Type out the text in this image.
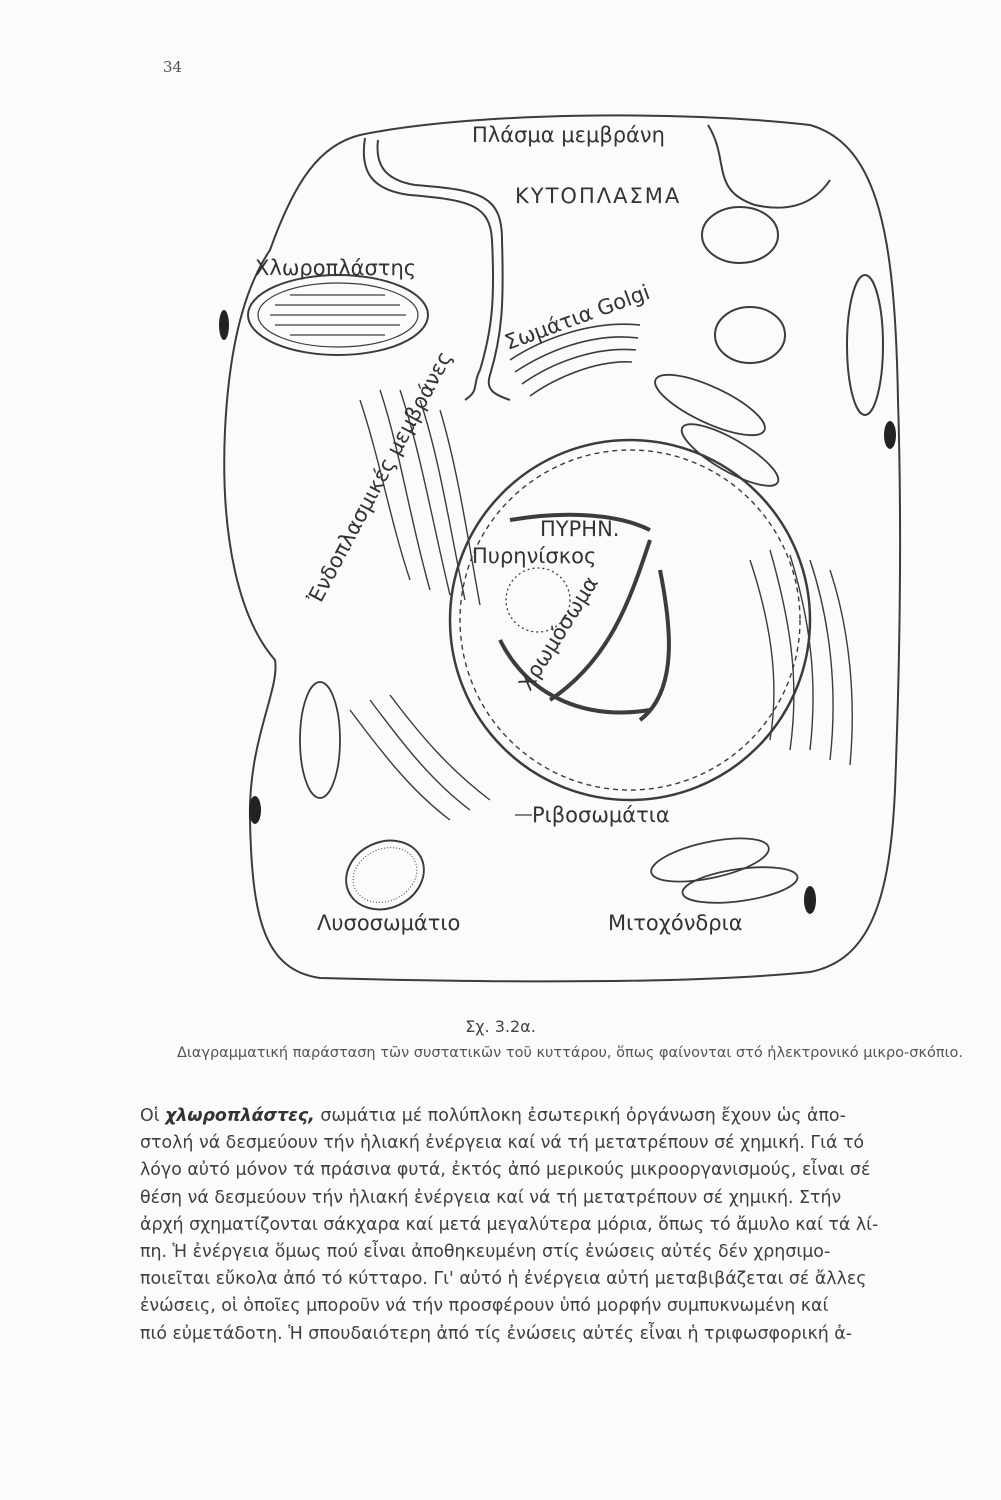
34
Πλάσμα μεμβράνη
ΚΥΤΟΠΛΑΣΜΑ
Χλωροπλάστης
Σωμάτια Golgi
Ἐνδοπλασμικές μεμβράνες	ΠΥΡΗΝ.
Πυρηνίσκος
Χρωμόσωμα
Ριβοσωμάτια
Λυσοσωμάτιο	Μιτοχόνδρια
Σχ. 3.2α.
Διαγραμματική παράσταση τῶν συστατικῶν τοῦ κυττάρου, ὅπως φαίνονται στό ἠλεκτρονικό μικρο-σκόπιο.
Οἱ χλωροπλάστες, σωμάτια μέ πολύπλοκη ἐσωτερική ὀργάνωση ἔχουν ὡς ἀπο-
στολή νά δεσμεύουν τήν ἡλιακή ἐνέργεια καί νά τή μετατρέπουν σέ χημική. Γιά τό
λόγο αὐτό μόνον τά πράσινα φυτά, ἐκτός ἀπό μερικούς μικροοργανισμούς, εἶναι σέ
θέση νά δεσμεύουν τήν ἡλιακή ἐνέργεια καί νά τή μετατρέπουν σέ χημική. Στήν
ἀρχή σχηματίζονται σάκχαρα καί μετά μεγαλύτερα μόρια, ὅπως τό ἄμυλο καί τά λί-
πη. Ἡ ἐνέργεια ὅμως πού εἶναι ἀποθηκευμένη στίς ἐνώσεις αὐτές δέν χρησιμο-
ποιεῖται εὔκολα ἀπό τό κύτταρο. Γι' αὐτό ἡ ἐνέργεια αὐτή μεταβιβάζεται σέ ἄλλες
ἐνώσεις, οἱ ὁποῖες μποροῦν νά τήν προσφέρουν ὑπό μορφήν συμπυκνωμένη καί
πιό εὐμετάδοτη. Ἡ σπουδαιότερη ἀπό τίς ἐνώσεις αὐτές εἶναι ἡ τριφωσφορική ἀ-
